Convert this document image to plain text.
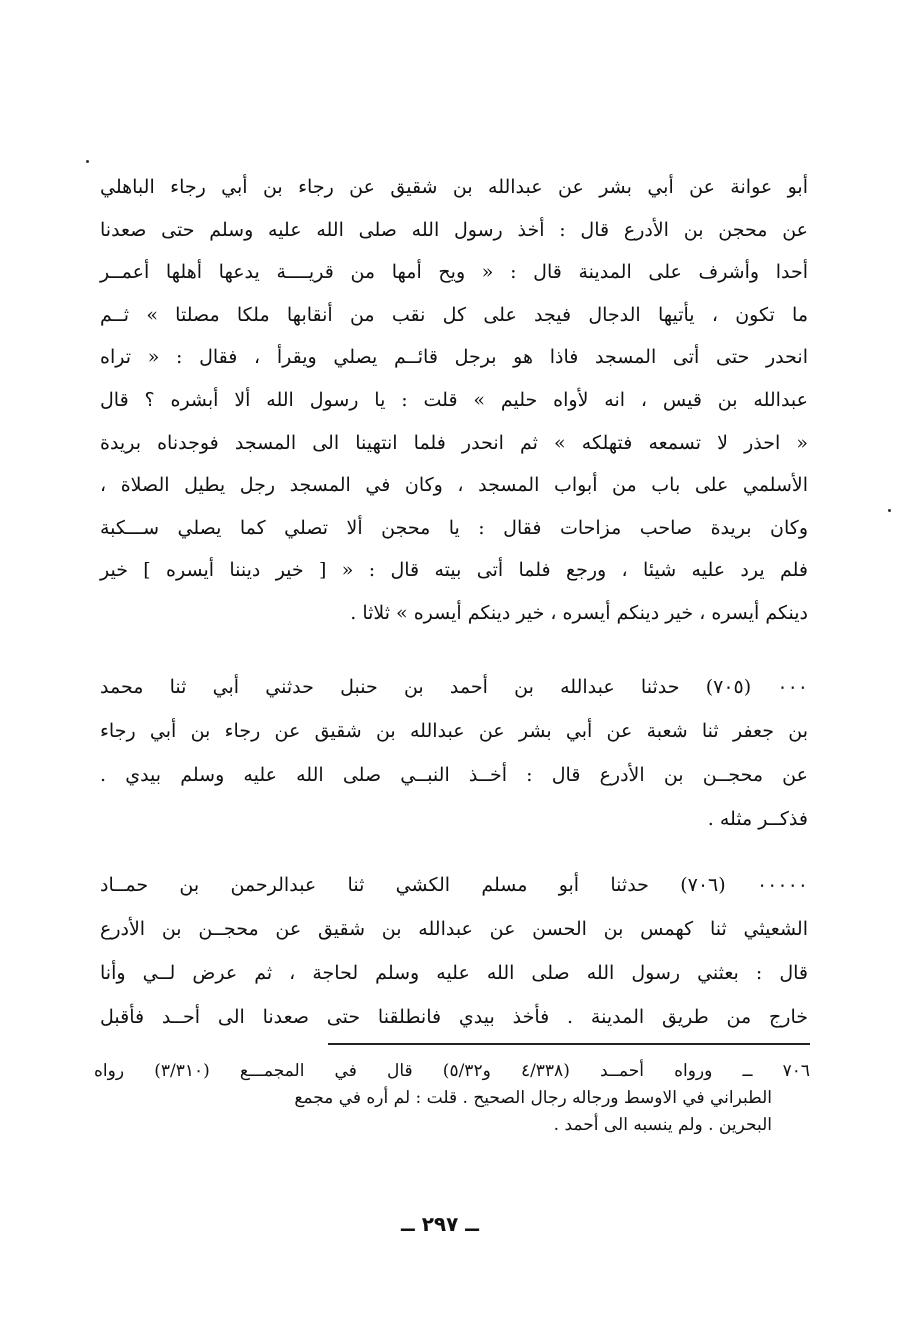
أبو عوانة عن أبي بشر عن عبدالله بن شقيق عن رجاء بن أبي رجاء الباهلي
عن محجن بن الأدرع قال : أخذ رسول الله صلى الله عليه وسلم حتى صعدنا
أحدا وأشرف على المدينة قال : « ويح أمها من قريــــة يدعها أهلها أعمــر
ما تكون ، يأتيها الدجال فيجد على كل نقب من أنقابها ملكا مصلتا » ثــم
انحدر حتى أتى المسجد فاذا هو برجل قائــم يصلي ويقرأ ، فقال : « تراه
عبدالله بن قيس ، انه لأواه حليم » قلت : يا رسول الله ألا أبشره ؟ قال
« احذر لا تسمعه فتهلكه » ثم انحدر فلما انتهينا الى المسجد فوجدناه بريدة
الأسلمي على باب من أبواب المسجد ، وكان في المسجد رجل يطيل الصلاة ،
وكان بريدة صاحب مزاحات فقال : يا محجن ألا تصلي كما يصلي ســـكبة
فلم يرد عليه شيئا ، ورجع فلما أتى بيته قال : « [ خير ديننا أيسره ] خير
دينكم أيسره ، خير دينكم أيسره ، خير دينكم أيسره » ثلاثا .
٠٠٠ (٧٠٥) حدثنا عبدالله بن أحمد بن حنبل حدثني أبي ثنا محمد
بن جعفر ثنا شعبة عن أبي بشر عن عبدالله بن شقيق عن رجاء بن أبي رجاء
عن محجــن بن الأدرع قال : أخــذ النبــي صلى الله عليه وسلم بيدي .
فذكــر مثله .
٠٠٠٠٠ (٧٠٦) حدثنا أبو مسلم الكشي ثنا عبدالرحمن بن حمــاد
الشعيثي ثنا كهمس بن الحسن عن عبدالله بن شقيق عن محجــن بن الأدرع
قال : بعثني رسول الله صلى الله عليه وسلم لحاجة ، ثم عرض لــي وأنا
خارج من طريق المدينة . فأخذ بيدي فانطلقنا حتى صعدنا الى أحــد فأقبل
٧٠٦ ــ ورواه أحمــد (٤/٣٣٨ و٥/٣٢) قال في المجمـــع (٣/٣١٠) رواه
الطبراني في الاوسط ورجاله رجال الصحيح . قلت : لم أره في مجمع
البحرين . ولم ينسبه الى أحمد .
ــ ٢٩٧ ــ
